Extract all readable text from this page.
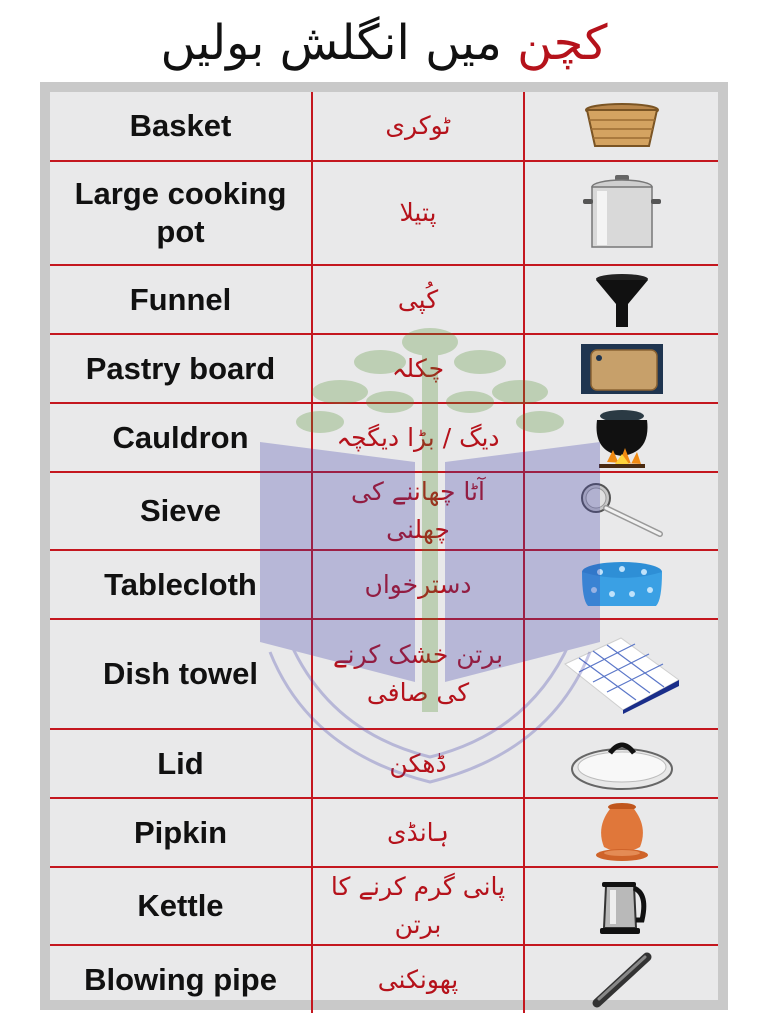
کچن میں انگلش بولیں
Basket	ٹوکری	

Large cooking pot	پتیلا	

Funnel	کُپی	

Pastry board	چکلہ	

Cauldron	دیگ / بڑا دیگچہ	

Sieve	آٹا چھاننے کی چھلنی	

Tablecloth	دسترخواں	

Dish towel	برتن خشک کرنے کی صافی	

Lid	ڈھکن	

Pipkin	ہانڈی	

Kettle	پانی گرم کرنے کا برتن	

Blowing pipe	پھونکنی	
